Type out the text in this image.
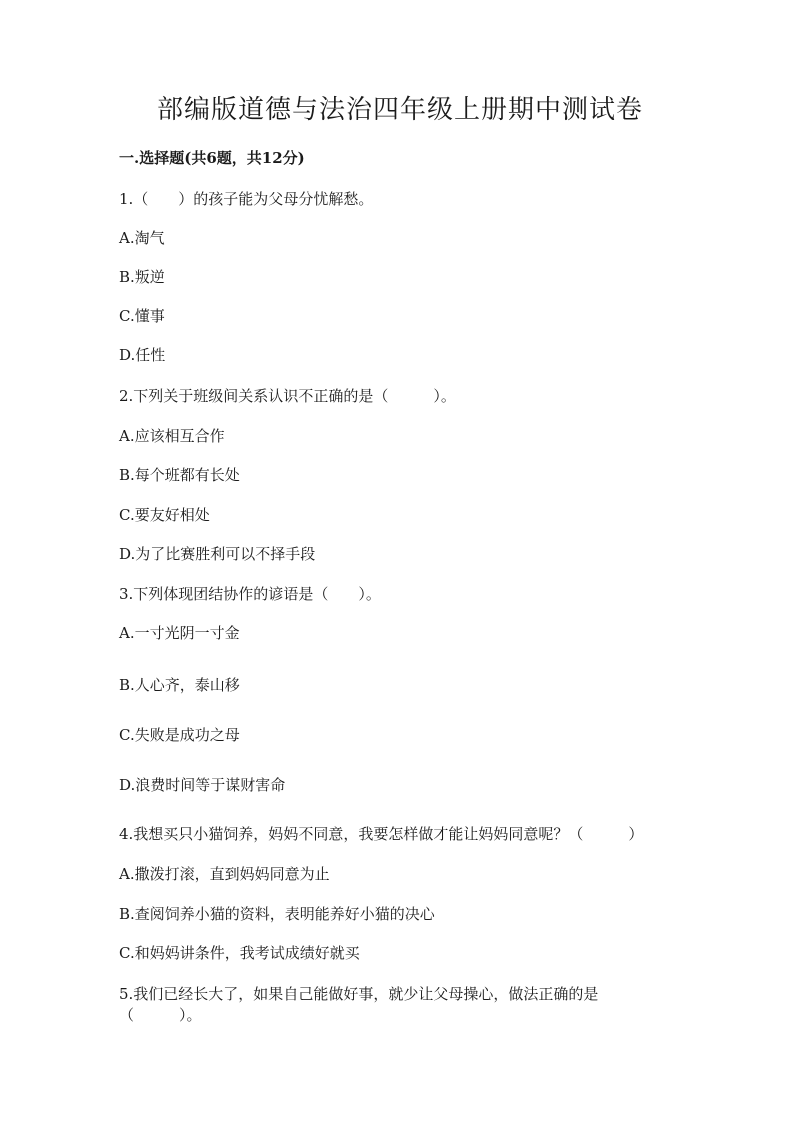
部编版道德与法治四年级上册期中测试卷
一.选择题(共6题，共12分)
1.（　　）的孩子能为父母分忧解愁。
A.淘气
B.叛逆
C.懂事
D.任性
2.下列关于班级间关系认识不正确的是（　　　）。
A.应该相互合作
B.每个班都有长处
C.要友好相处
D.为了比赛胜利可以不择手段
3.下列体现团结协作的谚语是（　　）。
A.一寸光阴一寸金
B.人心齐，泰山移
C.失败是成功之母
D.浪费时间等于谋财害命
4.我想买只小猫饲养，妈妈不同意，我要怎样做才能让妈妈同意呢？（　　　）
A.撒泼打滚，直到妈妈同意为止
B.查阅饲养小猫的资料，表明能养好小猫的决心
C.和妈妈讲条件，我考试成绩好就买
5.我们已经长大了，如果自己能做好事，就少让父母操心，做法正确的是
（　　　）。
